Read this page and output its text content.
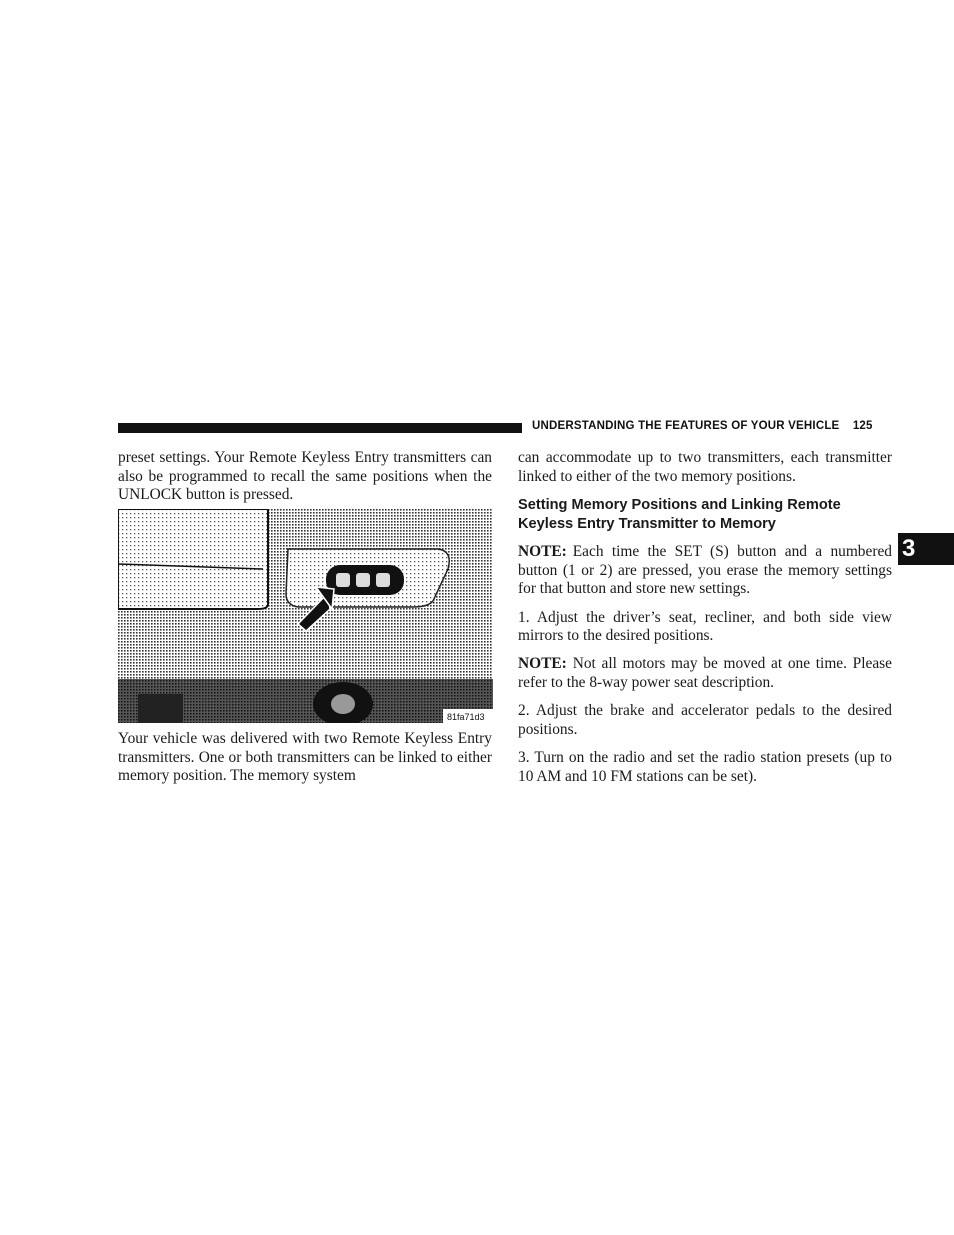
UNDERSTANDING THE FEATURES OF YOUR VEHICLE 125
3

preset settings. Your Remote Keyless Entry transmitters can also be programmed to recall the same positions when the UNLOCK button is pressed.

81fa71d3

Your vehicle was delivered with two Remote Keyless Entry transmitters. One or both transmitters can be linked to either memory position. The memory system

can accommodate up to two transmitters, each transmitter linked to either of the two memory positions.

Setting Memory Positions and Linking Remote Keyless Entry Transmitter to Memory

NOTE: Each time the SET (S) button and a numbered button (1 or 2) are pressed, you erase the memory settings for that button and store new settings.

1. Adjust the driver’s seat, recliner, and both side view mirrors to the desired positions.

NOTE: Not all motors may be moved at one time. Please refer to the 8-way power seat description.

2. Adjust the brake and accelerator pedals to the desired positions.

3. Turn on the radio and set the radio station presets (up to 10 AM and 10 FM stations can be set).
